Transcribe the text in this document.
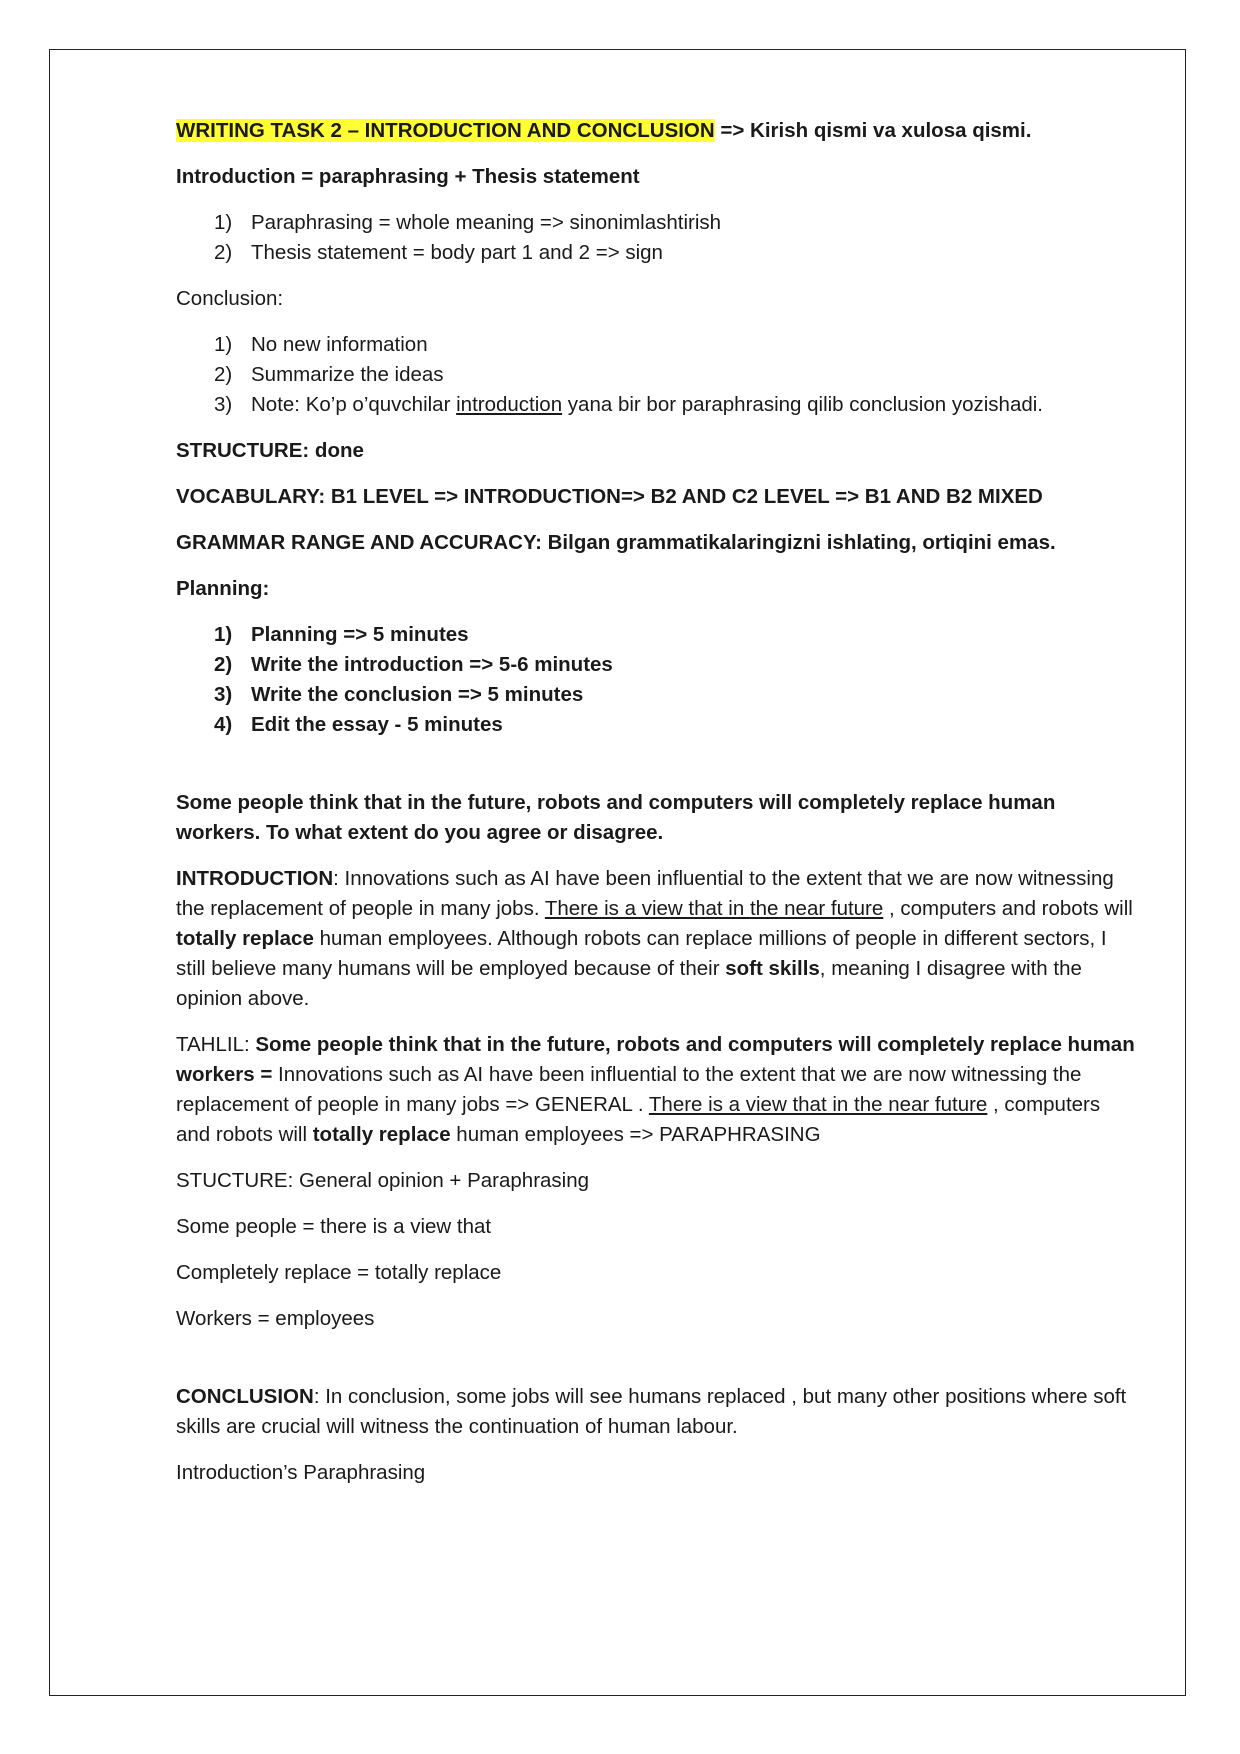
WRITING TASK 2 – INTRODUCTION AND CONCLUSION => Kirish qismi va xulosa qismi.

Introduction = paraphrasing + Thesis statement

1) Paraphrasing = whole meaning => sinonimlashtirish
2) Thesis statement = body part 1 and 2 => sign

Conclusion:

1) No new information
2) Summarize the ideas
3) Note: Ko’p o’quvchilar introduction yana bir bor paraphrasing qilib conclusion yozishadi.

STRUCTURE: done

VOCABULARY: B1 LEVEL => INTRODUCTION=> B2 AND C2 LEVEL => B1 AND B2 MIXED

GRAMMAR RANGE AND ACCURACY: Bilgan grammatikalaringizni ishlating, ortiqini emas.

Planning:

1) Planning => 5 minutes
2) Write the introduction => 5-6 minutes
3) Write the conclusion => 5 minutes
4) Edit the essay - 5 minutes

Some people think that in the future, robots and computers will completely replace human workers. To what extent do you agree or disagree.

INTRODUCTION: Innovations such as AI have been influential to the extent that we are now witnessing the replacement of people in many jobs. There is a view that in the near future , computers and robots will totally replace human employees. Although robots can replace millions of people in different sectors, I still believe many humans will be employed because of their soft skills, meaning I disagree with the opinion above.

TAHLIL: Some people think that in the future, robots and computers will completely replace human workers = Innovations such as AI have been influential to the extent that we are now witnessing the replacement of people in many jobs => GENERAL . There is a view that in the near future , computers and robots will totally replace human employees => PARAPHRASING

STUCTURE: General opinion + Paraphrasing

Some people = there is a view that

Completely replace = totally replace

Workers = employees

CONCLUSION: In conclusion, some jobs will see humans replaced , but many other positions where soft skills are crucial will witness the continuation of human labour.

Introduction’s Paraphrasing
